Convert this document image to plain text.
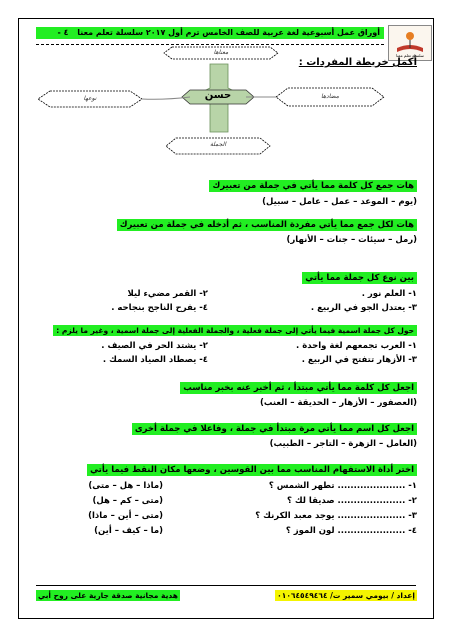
سلسلة تعلم معنا
أوراق عمل أسبوعية لغة عربية للصف الخامس ترم أول ٢٠١٧ سلسلة تعلم معنا ٤ -
أكمل خريطة المفردات :
معناها
حسن
نوعها	مضادها
الجملة
هات جمع كل كلمة مما يأتي في جملة من تعبيرك
(يوم – الموعد – عمل – عامل – سبيل)
هات لكل جمع مما يأتي مفردة المناسب ، ثم أدخله في جملة من تعبيرك
(رمل – سيئات – جنات – الأنهار)
بين نوع كل جملة مما يأتي
١- العلم نور .
٢- القمر مضيء ليلا
٣- يعتدل الجو في الربيع .
٤- يفرح الناجح بنجاحه .
حول كل جملة اسمية فيما يأتي إلى جملة فعلية ، والجملة الفعلية إلى جملة اسمية ، وغير ما يلزم :
١- العرب تجمعهم لغة واحدة .
٢- يشتد الحر في الصيف .
٣- الأزهار تتفتح في الربيع .
٤- يصطاد الصياد السمك .
اجعل كل كلمة مما يأتي مبتدأ ، ثم أخبر عنه بخبر مناسب
(العصفور – الأزهار – الحديقة – العنب)
اجعل كل اسم مما يأتي مرة مبتدأ في جملة ، وفاعلا في جملة أخرى
(العامل – الزهرة – التاجر – الطبيب)
اختر أداة الاستفهام المناسب مما بين القوسين ، وضعها مكان النقط فيما يأتي
١- ..................... تطهر الشمس ؟
(ماذا – هل – متى)
٢- ..................... صديقا لك ؟
(متى – كم – هل)
٣- ..................... يوجد معبد الكرنك ؟
(متى – أين – ماذا)
٤- ..................... لون الموز ؟
(ما – كيف – أين)
إعداد / بيومي سمير ت/ ٠١٠٦٤٥٤٩٤٦٤
هدية مجانية صدقة جارية على روح أبي
